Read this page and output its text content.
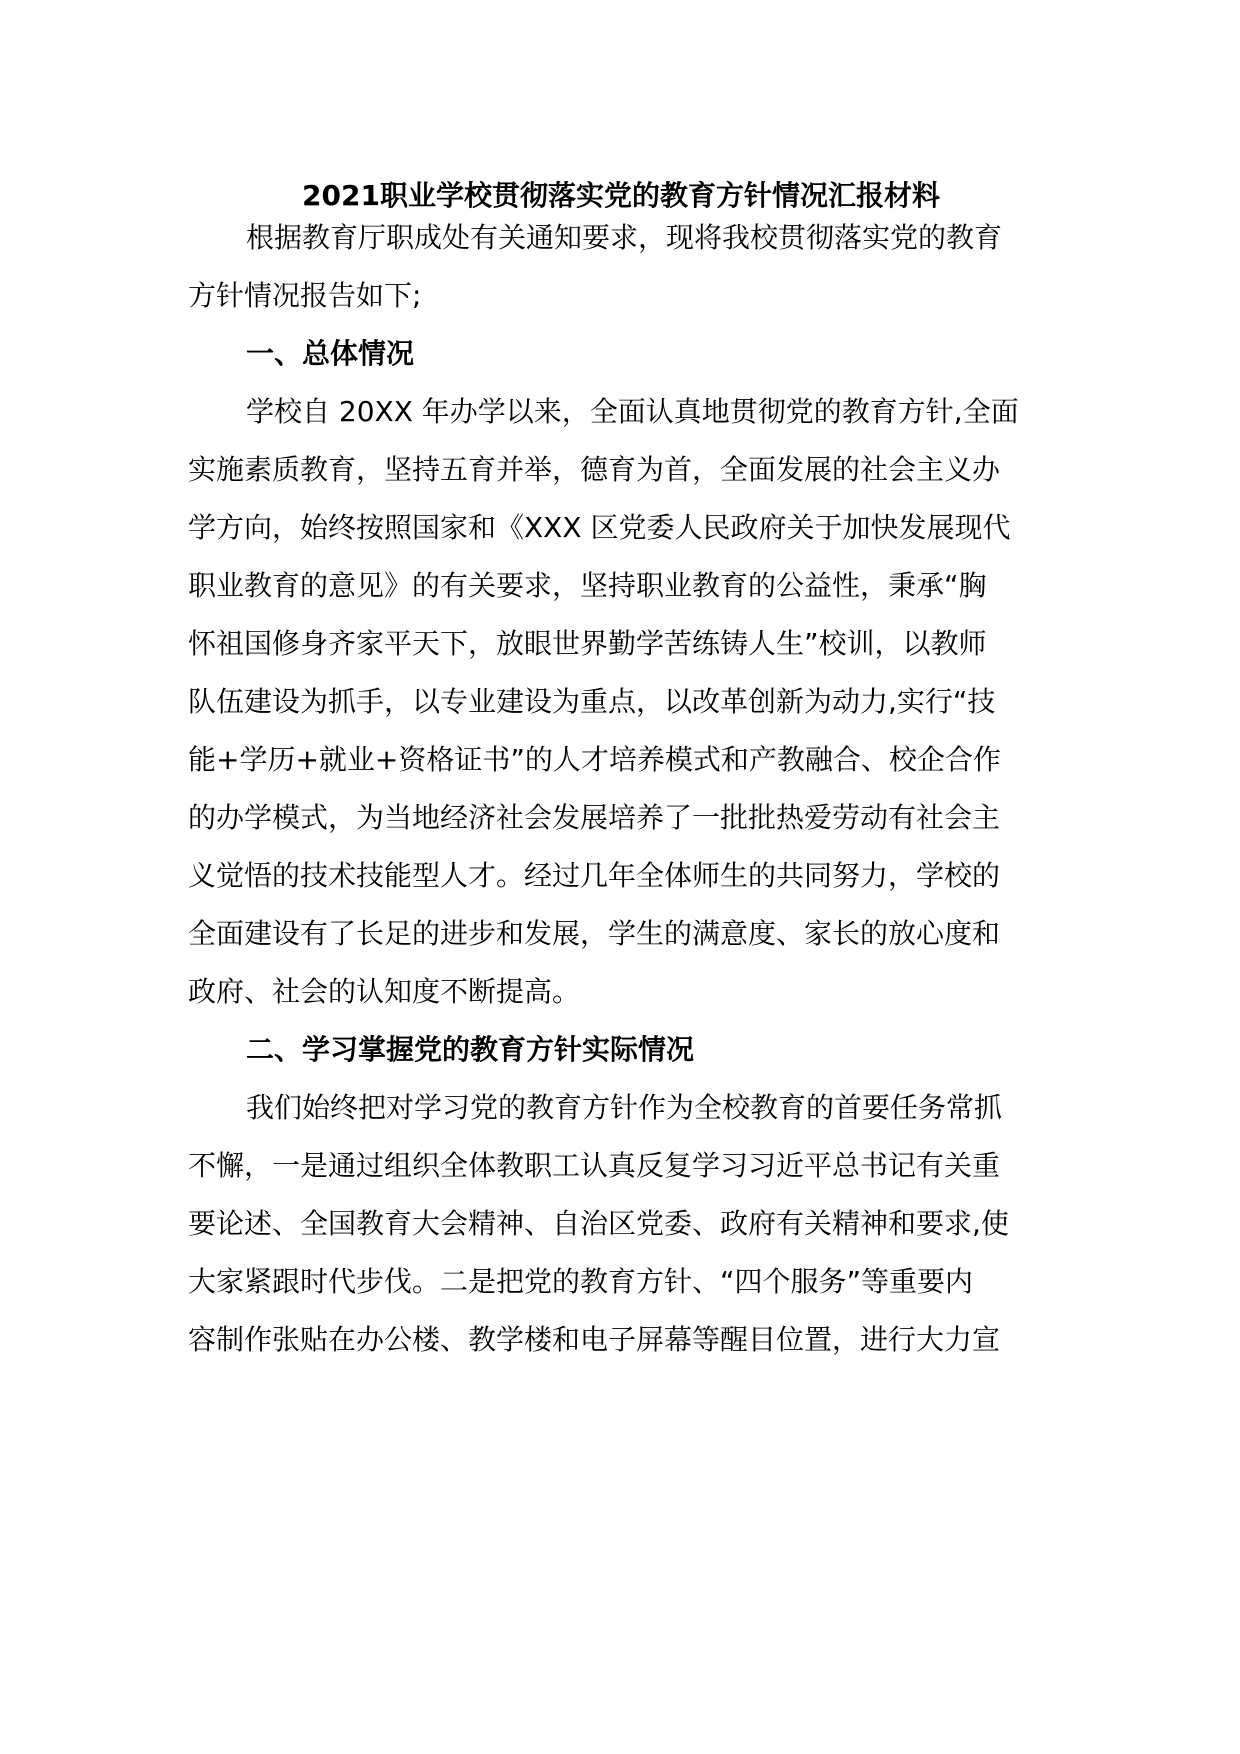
2021职业学校贯彻落实党的教育方针情况汇报材料
根据教育厅职成处有关通知要求，现将我校贯彻落实党的教育
方针情况报告如下;
一、总体情况
学校自 20XX 年办学以来，全面认真地贯彻党的教育方针,全面
实施素质教育，坚持五育并举，德育为首，全面发展的社会主义办
学方向，始终按照国家和《XXX 区党委人民政府关于加快发展现代
职业教育的意见》的有关要求，坚持职业教育的公益性，秉承“胸
怀祖国修身齐家平天下，放眼世界勤学苦练铸人生”校训，以教师
队伍建设为抓手，以专业建设为重点，以改革创新为动力,实行“技
能+学历+就业+资格证书”的人才培养模式和产教融合、校企合作
的办学模式，为当地经济社会发展培养了一批批热爱劳动有社会主
义觉悟的技术技能型人才。经过几年全体师生的共同努力，学校的
全面建设有了长足的进步和发展，学生的满意度、家长的放心度和
政府、社会的认知度不断提高。
二、学习掌握党的教育方针实际情况
我们始终把对学习党的教育方针作为全校教育的首要任务常抓
不懈，一是通过组织全体教职工认真反复学习习近平总书记有关重
要论述、全国教育大会精神、自治区党委、政府有关精神和要求,使
大家紧跟时代步伐。二是把党的教育方针、“四个服务”等重要内
容制作张贴在办公楼、教学楼和电子屏幕等醒目位置，进行大力宣
